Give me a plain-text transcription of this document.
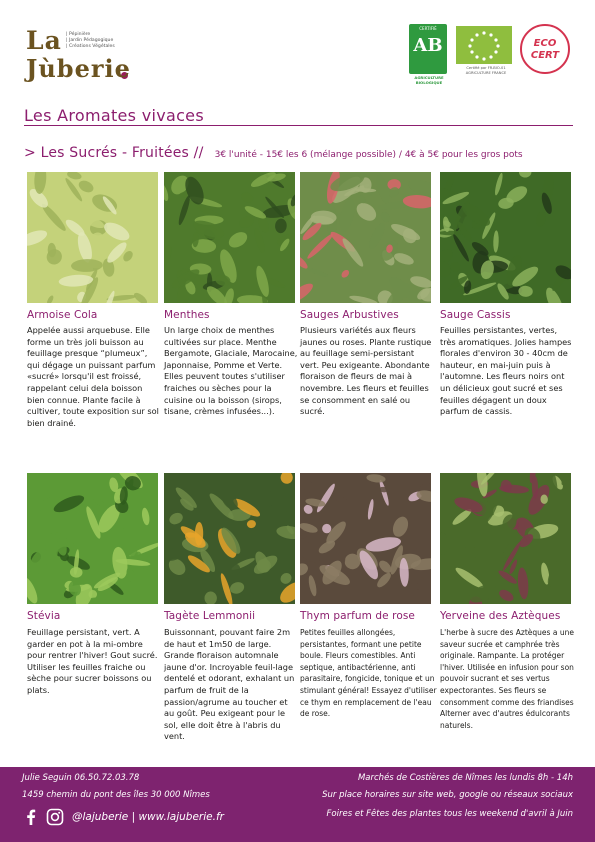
La | Pépinière
| Jardin Pédagogique
| Créations Végétales
Jùberie
CERTIFIÉ
AB
AGRICULTURE BIOLOGIQUE
Certifié par FR-BIO-01 AGRICULTURE FRANCE
ECO CERT
Les Aromates vivaces
> Les Sucrés - Fruitées // 3€ l'unité - 15€ les 6 (mélange possible) / 4€ à 5€ pour les gros pots
Armoise Cola
Appelée aussi arquebuse. Elle forme un très joli buisson au feuillage presque “plumeux”, qui dégage un puissant parfum «sucré» lorsqu'il est froissé, rappelant celui dela boisson bien connue. Plante facile à cultiver, toute exposition sur sol bien drainé.
Menthes
Un large choix de menthes cultivées sur place. Menthe Bergamote, Glaciale, Marocaine, Japonnaise, Pomme et Verte. Elles peuvent toutes s'utiliser fraiches ou sèches pour la cuisine ou la boisson (sirops, tisane, crèmes infusées...).
Sauges Arbustives
Plusieurs variétés aux fleurs jaunes ou roses. Plante rustique au feuillage semi-persistant vert. Peu exigeante. Abondante floraison de fleurs de mai à novembre. Les fleurs et feuilles se consomment en salé ou sucré.
Sauge Cassis
Feuilles persistantes, vertes, très aromatiques. Jolies hampes florales d'environ 30 - 40cm de hauteur, en mai-juin puis à l'automne. Les fleurs noirs ont un délicieux gout sucré et ses feuilles dégagent un doux parfum de cassis.
Stévia
Feuillage persistant, vert. A garder en pot à la mi-ombre pour rentrer l'hiver! Gout sucré. Utiliser les feuilles fraiche ou sèche pour sucrer boissons ou plats.
Tagète Lemmonii
Buissonnant, pouvant faire 2m de haut et 1m50 de large. Grande floraison automnale jaune d'or. Incroyable feuil-lage dentelé et odorant, exhalant un parfum de fruit de la passion/agrume au toucher et au goût. Peu exigeant pour le sol, elle doit être à l'abris du vent.
Thym parfum de rose
Petites feuilles allongées, persistantes, formant une petite boule. Fleurs comestibles. Anti septique, antibactérienne, anti parasitaire, fongicide, tonique et un stimulant général! Essayez d'utiliser ce thym en remplacement de l'eau de rose.
Yerveine des Aztèques
L'herbe à sucre des Aztèques a une saveur sucrée et camphrée très originale. Rampante. La protéger l'hiver. Utilisée en infusion pour son pouvoir sucrant et ses vertus expectorantes. Ses fleurs se consomment comme des friandises Alterner avec d'autres édulcorants naturels.
Julie Seguin 06.50.72.03.78
1459 chemin du pont des îles 30 000 Nîmes
@lajuberie | www.lajuberie.fr
Marchés de Costières de Nîmes les lundis 8h - 14h
Sur place horaires sur site web, google ou réseaux sociaux
Foires et Fêtes des plantes tous les weekend d'avril à Juin
